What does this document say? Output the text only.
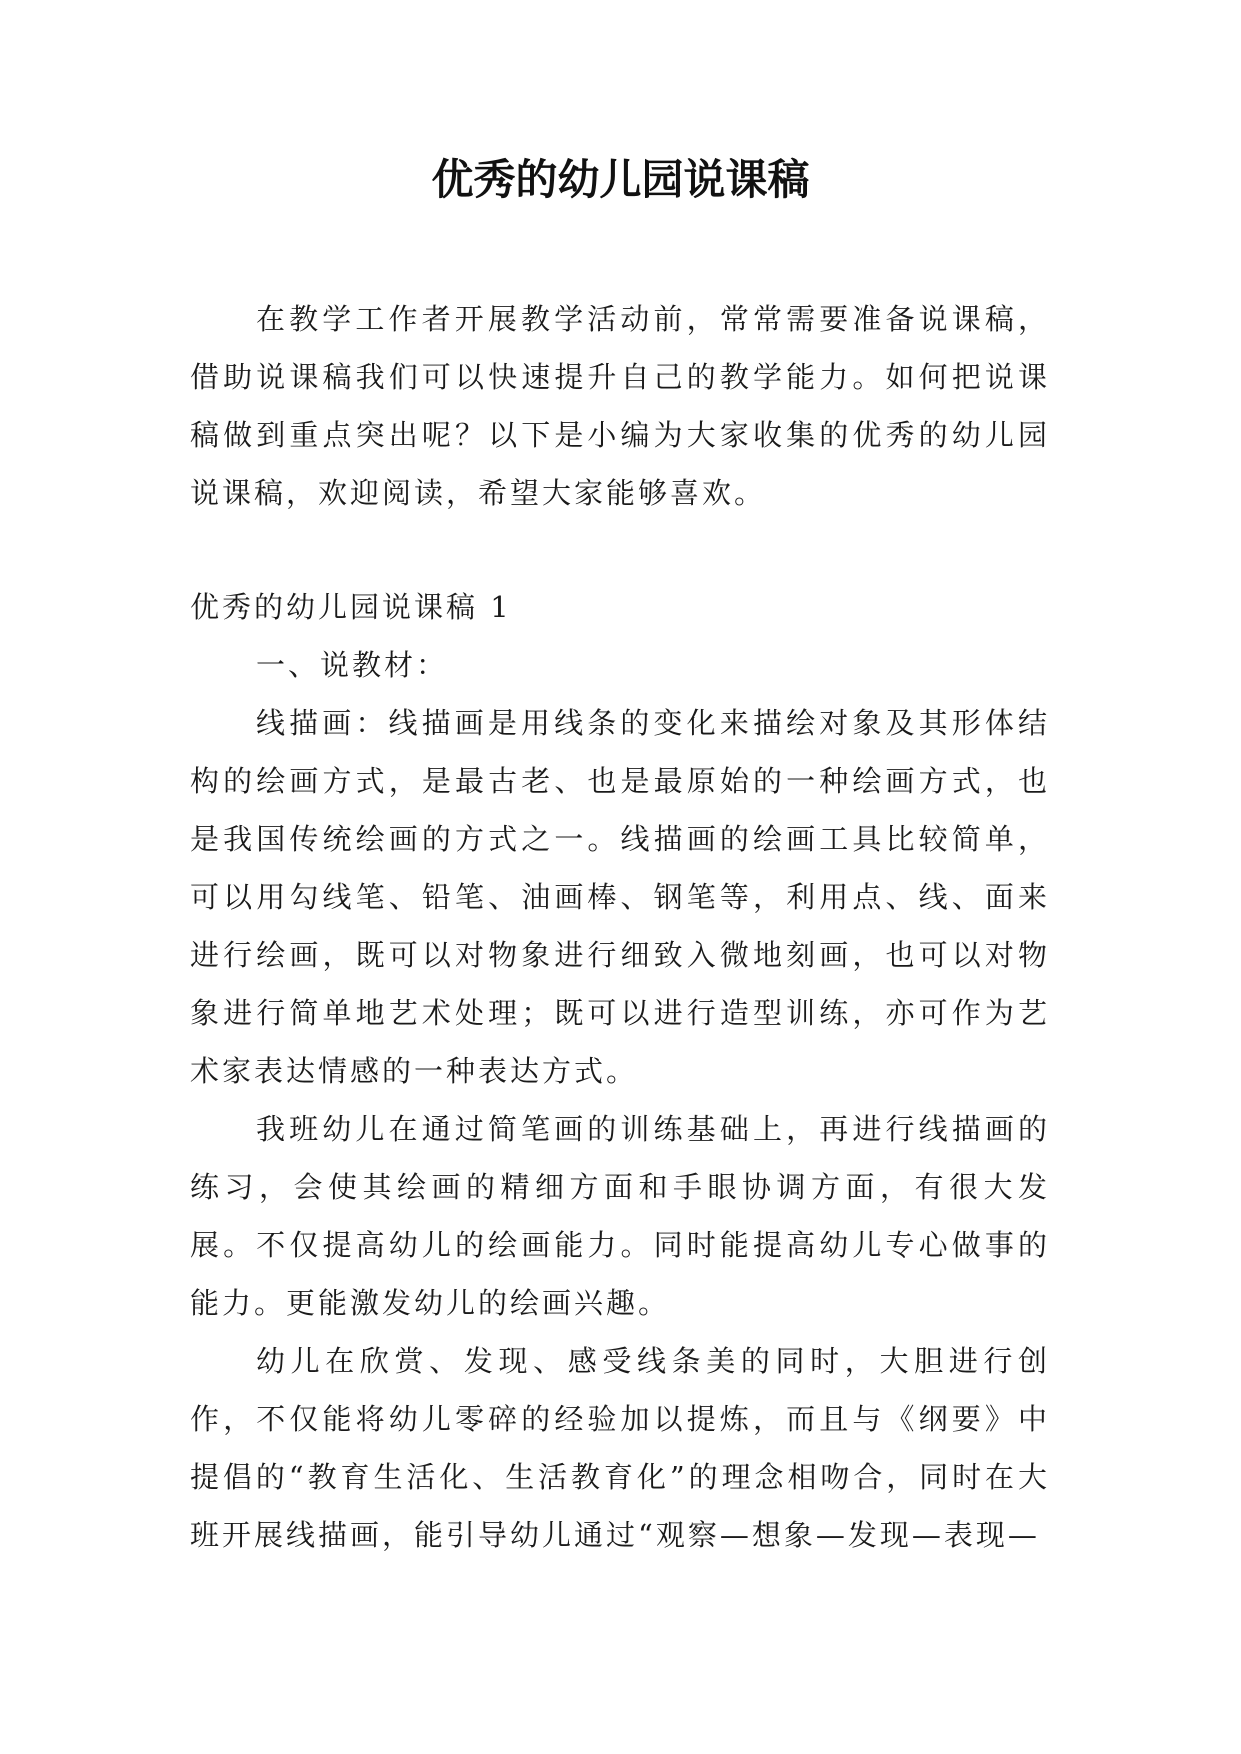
优秀的幼儿园说课稿

在教学工作者开展教学活动前，常常需要准备说课稿，借助说课稿我们可以快速提升自己的教学能力。如何把说课稿做到重点突出呢？以下是小编为大家收集的优秀的幼儿园说课稿，欢迎阅读，希望大家能够喜欢。

优秀的幼儿园说课稿 1

一、说教材：

线描画：线描画是用线条的变化来描绘对象及其形体结构的绘画方式，是最古老、也是最原始的一种绘画方式，也是我国传统绘画的方式之一。线描画的绘画工具比较简单，可以用勾线笔、铅笔、油画棒、钢笔等，利用点、线、面来进行绘画，既可以对物象进行细致入微地刻画，也可以对物象进行简单地艺术处理；既可以进行造型训练，亦可作为艺术家表达情感的一种表达方式。

我班幼儿在通过简笔画的训练基础上，再进行线描画的练习，会使其绘画的精细方面和手眼协调方面，有很大发展。不仅提高幼儿的绘画能力。同时能提高幼儿专心做事的能力。更能激发幼儿的绘画兴趣。

幼儿在欣赏、发现、感受线条美的同时，大胆进行创作，不仅能将幼儿零碎的经验加以提炼，而且与《纲要》中提倡的“教育生活化、生活教育化”的理念相吻合，同时在大班开展线描画，能引导幼儿通过“观察—想象—发现—表现—
